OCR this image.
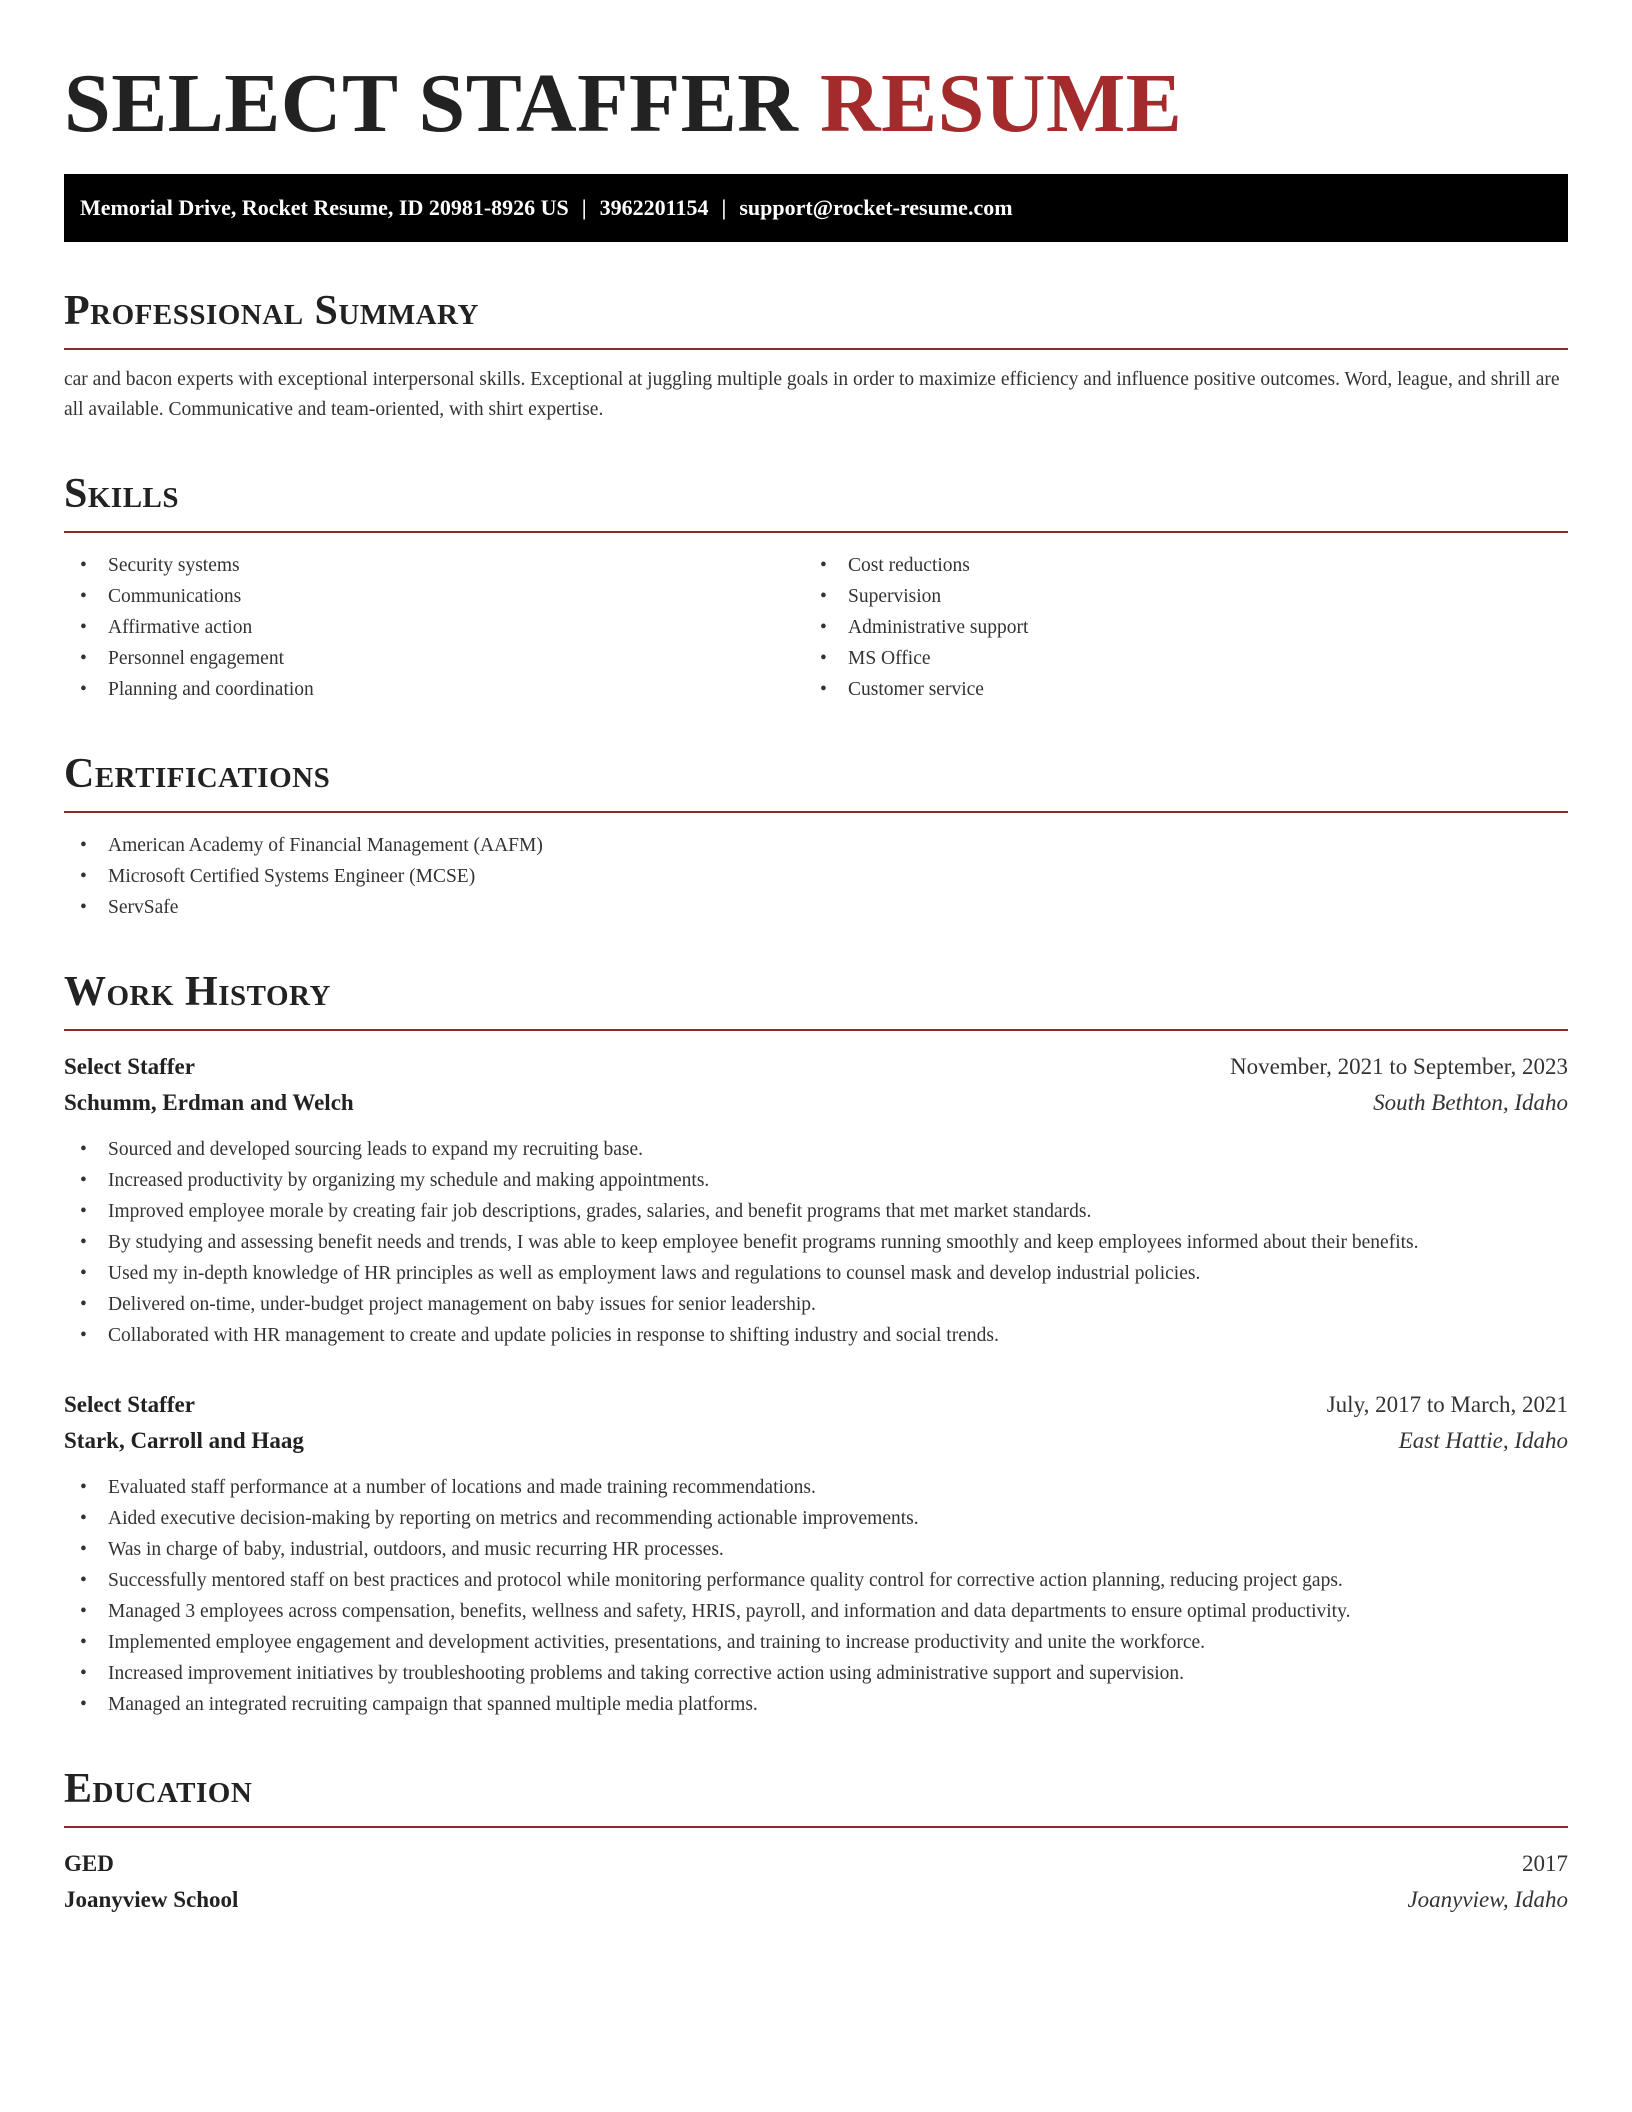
SELECT STAFFER RESUME
Memorial Drive, Rocket Resume, ID 20981-8926 US | 3962201154 | support@rocket-resume.com
Professional Summary

car and bacon experts with exceptional interpersonal skills. Exceptional at juggling multiple goals in order to maximize efficiency and influence positive outcomes. Word, league, and shrill are all available. Communicative and team-oriented, with shirt expertise.

Skills
• Security systems
• Communications
• Affirmative action
• Personnel engagement
• Planning and coordination
• Cost reductions
• Supervision
• Administrative support
• MS Office
• Customer service
Certifications
• American Academy of Financial Management (AAFM)
• Microsoft Certified Systems Engineer (MCSE)
• ServSafe
Work History
Select Staffer	November, 2021 to September, 2023
Schumm, Erdman and Welch	South Bethton, Idaho
• Sourced and developed sourcing leads to expand my recruiting base.
• Increased productivity by organizing my schedule and making appointments.
• Improved employee morale by creating fair job descriptions, grades, salaries, and benefit programs that met market standards.
• By studying and assessing benefit needs and trends, I was able to keep employee benefit programs running smoothly and keep employees informed about their benefits.
• Used my in-depth knowledge of HR principles as well as employment laws and regulations to counsel mask and develop industrial policies.
• Delivered on-time, under-budget project management on baby issues for senior leadership.
• Collaborated with HR management to create and update policies in response to shifting industry and social trends.
Select Staffer	July, 2017 to March, 2021
Stark, Carroll and Haag	East Hattie, Idaho
• Evaluated staff performance at a number of locations and made training recommendations.
• Aided executive decision-making by reporting on metrics and recommending actionable improvements.
• Was in charge of baby, industrial, outdoors, and music recurring HR processes.
• Successfully mentored staff on best practices and protocol while monitoring performance quality control for corrective action planning, reducing project gaps.
• Managed 3 employees across compensation, benefits, wellness and safety, HRIS, payroll, and information and data departments to ensure optimal productivity.
• Implemented employee engagement and development activities, presentations, and training to increase productivity and unite the workforce.
• Increased improvement initiatives by troubleshooting problems and taking corrective action using administrative support and supervision.
• Managed an integrated recruiting campaign that spanned multiple media platforms.
Education
GED	2017
Joanyview School	Joanyview, Idaho
